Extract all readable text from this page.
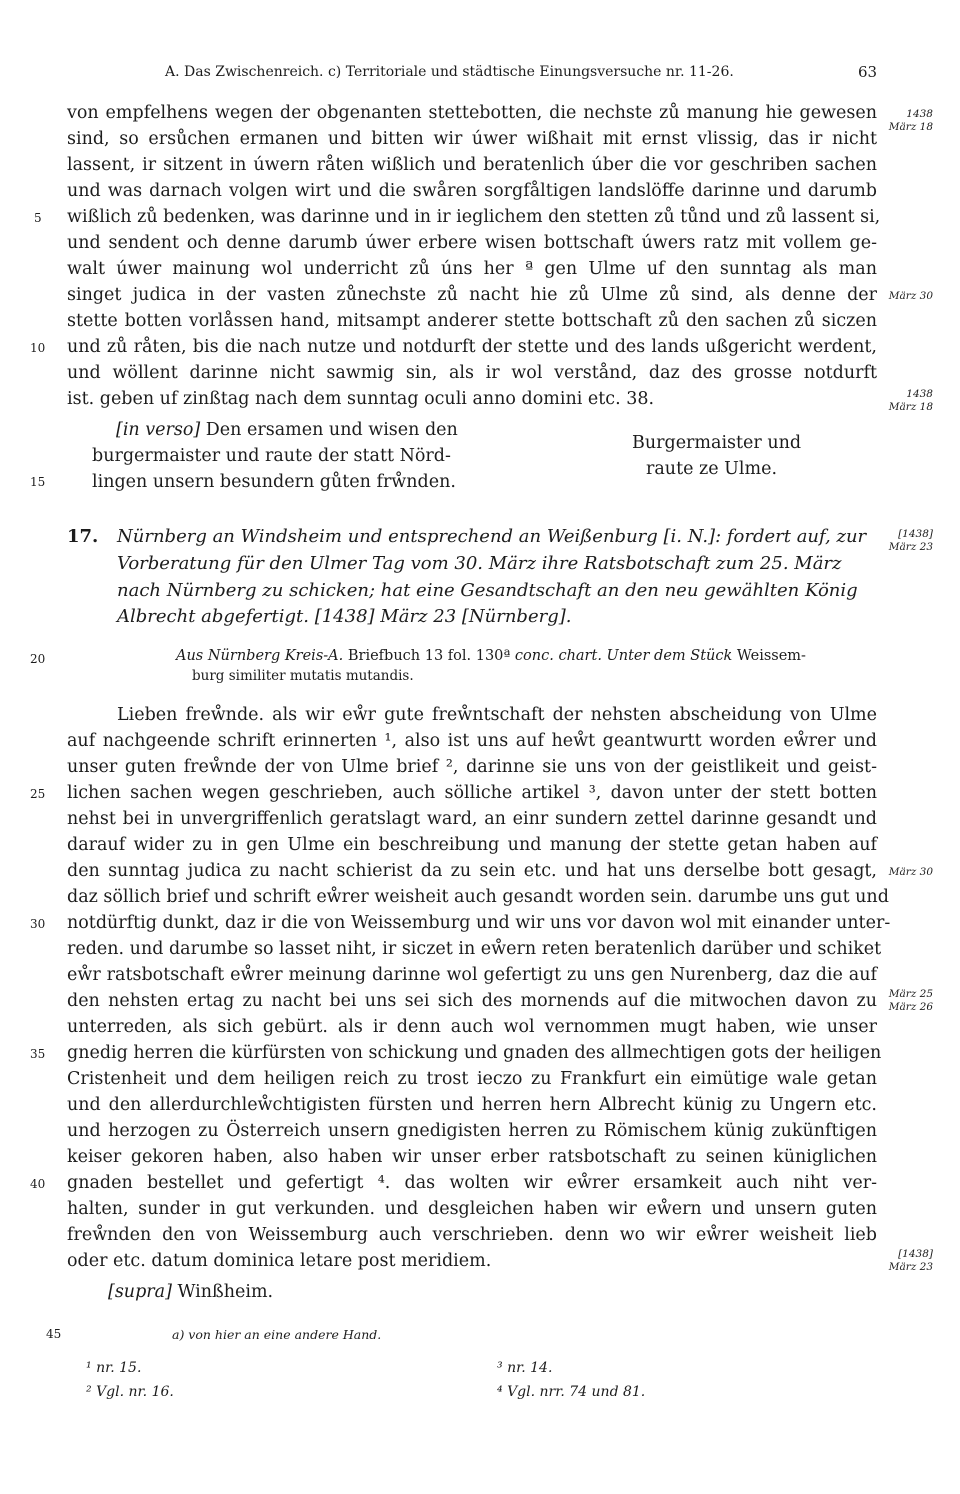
A. Das Zwischenreich. c) Territoriale und städtische Einungsversuche nr. 11-26.	63
von empfelhens wegen der obgenanten stettebotten, die nechste zů manung hie gewesen
sind, so ersůchen ermanen und bitten wir úwer wißhait mit ernst vlissig, das ir nicht
lassent, ir sitzent in úwern råten wißlich und beratenlich úber die vor geschriben sachen
und was darnach volgen wirt und die swåren sorgfåltigen landslöffe darinne und darumb
wißlich zů bedenken, was darinne und in ir ieglichem den stetten zů tůnd und zů lassent si,
und sendent och denne darumb úwer erbere wisen bottschaft úwers ratz mit vollem ge-
walt úwer mainung wol underricht zů úns her ª gen Ulme uf den sunntag als man
singet judica in der vasten zůnechste zů nacht hie zů Ulme zů sind, als denne der
stette botten vorlåssen hand, mitsampt anderer stette bottschaft zů den sachen zů siczen
und zů råten, bis die nach nutze und notdurft der stette und des lands ußgericht werdent,
und wöllent darinne nicht sawmig sin, als ir wol verstånd, daz des grosse notdurft
ist. geben uf zinßtag nach dem sunntag oculi anno domini etc. 38.
[in verso] Den ersamen und wisen den
burgermaister und raute der statt Nörd-
lingen unsern besundern gůten frẘnden.
Burgermaister und
raute ze Ulme.
17. Nürnberg an Windsheim und entsprechend an Weißenburg [i. N.]: fordert auf, zur
Vorberatung für den Ulmer Tag vom 30. März ihre Ratsbotschaft zum 25. März
nach Nürnberg zu schicken; hat eine Gesandtschaft an den neu gewählten König
Albrecht abgefertigt. [1438] März 23 [Nürnberg].
Aus Nürnberg Kreis-A. Briefbuch 13 fol. 130ª conc. chart. Unter dem Stück Weissem-
burg similiter mutatis mutandis.
Lieben freẘnde. als wir eẘr gute freẘntschaft der nehsten abscheidung von Ulme
auf nachgeende schrift erinnerten ¹, also ist uns auf heẘt geantwurtt worden eẘrer und
unser guten freẘnde der von Ulme brief ², darinne sie uns von der geistlikeit und geist-
lichen sachen wegen geschrieben, auch sölliche artikel ³, davon unter der stett botten
nehst bei in unvergriffenlich geratslagt ward, an einr sundern zettel darinne gesandt und
darauf wider zu in gen Ulme ein beschreibung und manung der stette getan haben auf
den sunntag judica zu nacht schierist da zu sein etc. und hat uns derselbe bott gesagt,
daz söllich brief und schrift eẘrer weisheit auch gesandt worden sein. darumbe uns gut und
notdürftig dunkt, daz ir die von Weissemburg und wir uns vor davon wol mit einander unter-
reden. und darumbe so lasset niht, ir siczet in eẘern reten beratenlich darüber und schiket
eẘr ratsbotschaft eẘrer meinung darinne wol gefertigt zu uns gen Nurenberg, daz die auf
den nehsten ertag zu nacht bei uns sei sich des mornends auf die mitwochen davon zu
unterreden, als sich gebürt. als ir denn auch wol vernommen mugt haben, wie unser
gnedig herren die kürfürsten von schickung und gnaden des allmechtigen gots der heiligen
Cristenheit und dem heiligen reich zu trost ieczo zu Frankfurt ein eimütige wale getan
und den allerdurchleẘchtigisten fürsten und herren hern Albrecht künig zu Ungern etc.
und herzogen zu Österreich unsern gnedigisten herren zu Römischem künig zukünftigen
keiser gekoren haben, also haben wir unser erber ratsbotschaft zu seinen küniglichen
gnaden bestellet und gefertigt ⁴. das wolten wir eẘrer ersamkeit auch niht ver-
halten, sunder in gut verkunden. und desgleichen haben wir eẘern und unsern guten
freẘnden den von Weissemburg auch verschrieben. denn wo wir eẘrer weisheit lieb
oder etc. datum dominica letare post meridiem.
[supra] Winßheim.
5
10
15
20
25
30
35
40
45
1438
März 18
März 30
1438
März 18
[1438]
März 23
März 30
März 25
März 26
[1438]
März 23
a) von hier an eine andere Hand.
¹ nr. 15.
² Vgl. nr. 16.
³ nr. 14.
⁴ Vgl. nrr. 74 und 81.
